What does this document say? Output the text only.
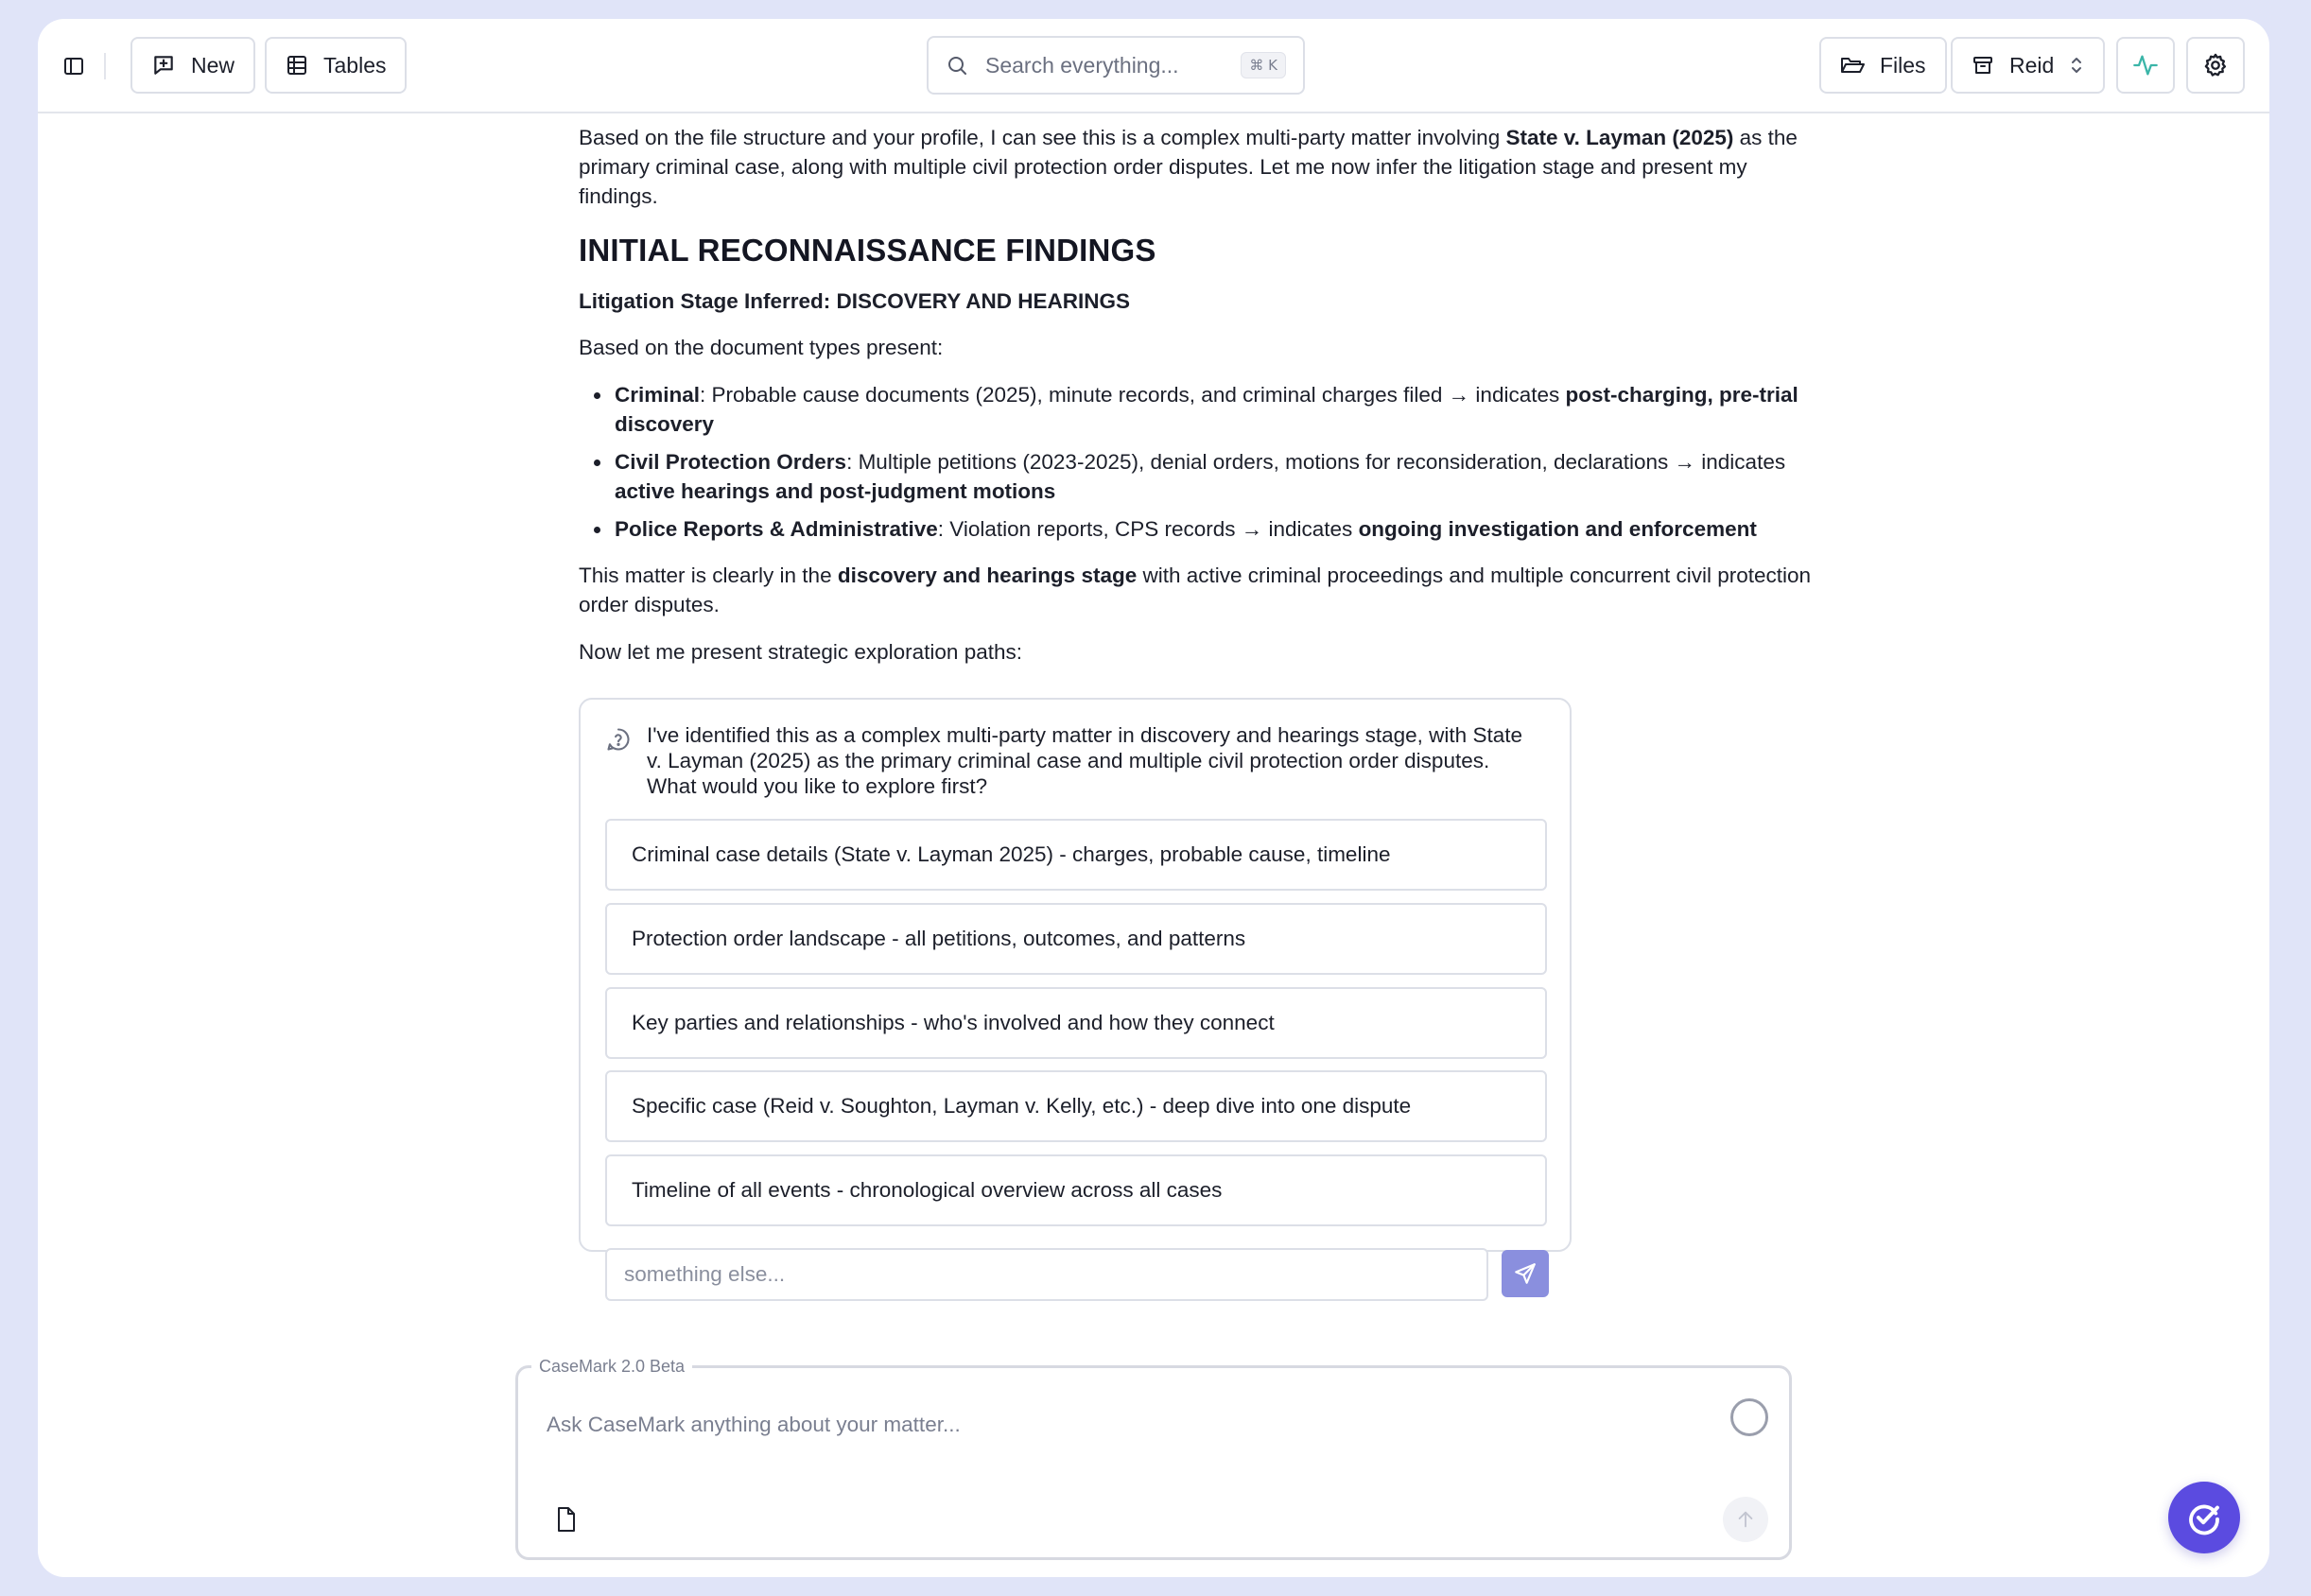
New	Tables	Search everything...	⌘ K	Files	Reid

Based on the file structure and your profile, I can see this is a complex multi-party matter involving State v. Layman (2025) as the primary criminal case, along with multiple civil protection order disputes. Let me now infer the litigation stage and present my findings.

INITIAL RECONNAISSANCE FINDINGS
Litigation Stage Inferred: DISCOVERY AND HEARINGS

Based on the document types present:

Criminal: Probable cause documents (2025), minute records, and criminal charges filed → indicates post-charging, pre-trial discovery
Civil Protection Orders: Multiple petitions (2023-2025), denial orders, motions for reconsideration, declarations → indicates active hearings and post-judgment motions
Police Reports & Administrative: Violation reports, CPS records → indicates ongoing investigation and enforcement

This matter is clearly in the discovery and hearings stage with active criminal proceedings and multiple concurrent civil protection order disputes.

Now let me present strategic exploration paths:

I've identified this as a complex multi-party matter in discovery and hearings stage, with State v. Layman (2025) as the primary criminal case and multiple civil protection order disputes. What would you like to explore first?
Criminal case details (State v. Layman 2025) - charges, probable cause, timeline
Protection order landscape - all petitions, outcomes, and patterns
Key parties and relationships - who's involved and how they connect
Specific case (Reid v. Soughton, Layman v. Kelly, etc.) - deep dive into one dispute
Timeline of all events - chronological overview across all cases
something else...
CaseMark 2.0 Beta
Ask CaseMark anything about your matter...
